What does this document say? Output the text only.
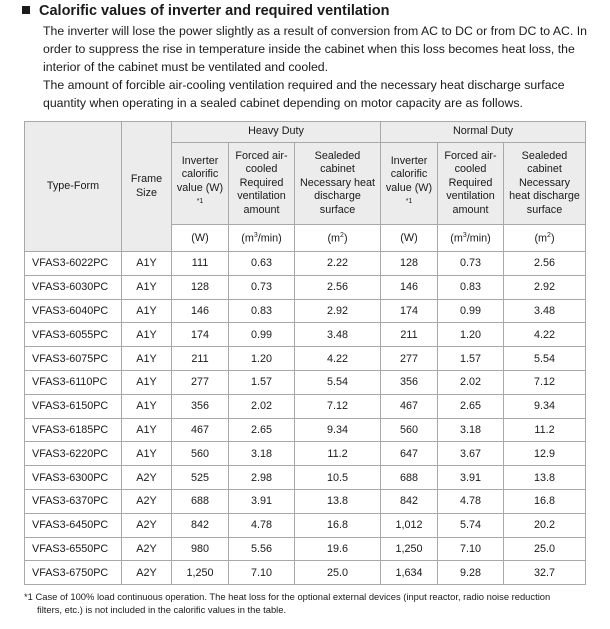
Calorific values of inverter and required ventilation
The inverter will lose the power slightly as a result of conversion from AC to DC or from DC to AC. In order to suppress the rise in temperature inside the cabinet when this loss becomes heat loss, the interior of the cabinet must be ventilated and cooled.
The amount of forcible air-cooling ventilation required and the necessary heat discharge surface quantity when operating in a sealed cabinet depending on motor capacity are as follows.
Type-Form	Frame Size	Heavy Duty			Normal Duty		
		Inverter calorific value (W) $^{*1}$	Forced air-cooled Required ventilation amount	Sealeded cabinet Necessary heat discharge surface	Inverter calorific value (W) $^{*1}$	Forced air-cooled Required ventilation amount	Sealeded cabinet Necessary heat discharge surface
		(W)	$(m^3/\min)$	$(m^2)$	(W)	$(m^3/\min)$	$(m^2)$
VFAS3-6022PC	A1Y	111	0.63	2.22	128	0.73	2.56
VFAS3-6030PC	A1Y	128	0.73	2.56	146	0.83	2.92
VFAS3-6040PC	A1Y	146	0.83	2.92	174	0.99	3.48
VFAS3-6055PC	A1Y	174	0.99	3.48	211	1.20	4.22
VFAS3-6075PC	A1Y	211	1.20	4.22	277	1.57	5.54
VFAS3-6110PC	A1Y	277	1.57	5.54	356	2.02	7.12
VFAS3-6150PC	A1Y	356	2.02	7.12	467	2.65	9.34
VFAS3-6185PC	A1Y	467	2.65	9.34	560	3.18	11.2
VFAS3-6220PC	A1Y	560	3.18	11.2	647	3.67	12.9
VFAS3-6300PC	A2Y	525	2.98	10.5	688	3.91	13.8
VFAS3-6370PC	A2Y	688	3.91	13.8	842	4.78	16.8
VFAS3-6450PC	A2Y	842	4.78	16.8	1,012	5.74	20.2
VFAS3-6550PC	A2Y	980	5.56	19.6	1,250	7.10	25.0
VFAS3-6750PC	A2Y	1,250	7.10	25.0	1,634	9.28	32.7
*1 Case of 100% load continuous operation. The heat loss for the optional external devices (input reactor, radio noise reduction
filters, etc.) is not included in the calorific values in the table.
